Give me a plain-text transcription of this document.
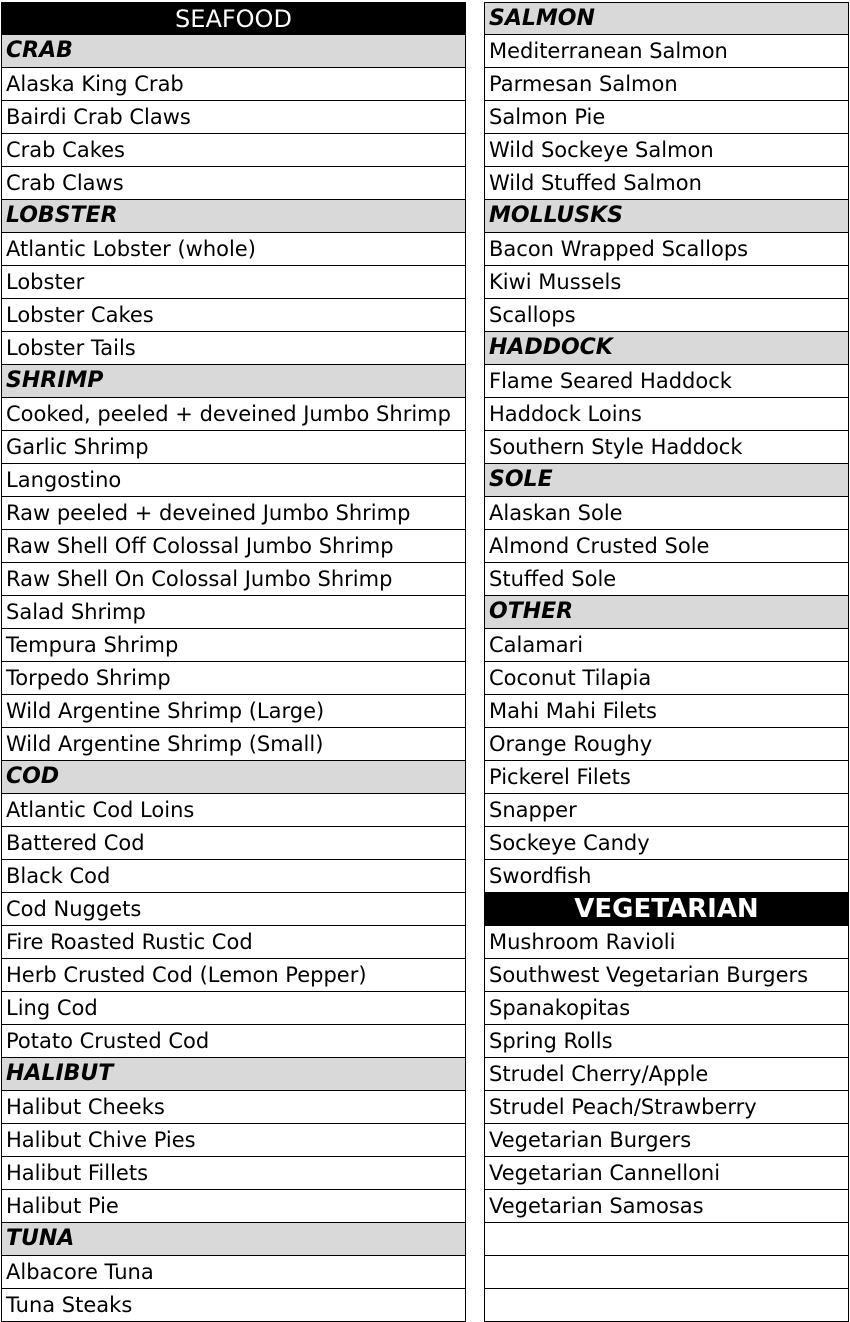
SEAFOOD
CRAB
Alaska King Crab
Bairdi Crab Claws
Crab Cakes
Crab Claws
LOBSTER
Atlantic Lobster (whole)
Lobster
Lobster Cakes
Lobster Tails
SHRIMP
Cooked, peeled + deveined Jumbo Shrimp
Garlic Shrimp
Langostino
Raw peeled + deveined Jumbo Shrimp
Raw Shell Off Colossal Jumbo Shrimp
Raw Shell On Colossal Jumbo Shrimp
Salad Shrimp
Tempura Shrimp
Torpedo Shrimp
Wild Argentine Shrimp (Large)
Wild Argentine Shrimp (Small)
COD
Atlantic Cod Loins
Battered Cod
Black Cod
Cod Nuggets
Fire Roasted Rustic Cod
Herb Crusted Cod (Lemon Pepper)
Ling Cod
Potato Crusted Cod
HALIBUT
Halibut Cheeks
Halibut Chive Pies
Halibut Fillets
Halibut Pie
TUNA
Albacore Tuna
Tuna Steaks
SALMON
Mediterranean Salmon
Parmesan Salmon
Salmon Pie
Wild Sockeye Salmon
Wild Stuffed Salmon
MOLLUSKS
Bacon Wrapped Scallops
Kiwi Mussels
Scallops
HADDOCK
Flame Seared Haddock
Haddock Loins
Southern Style Haddock
SOLE
Alaskan Sole
Almond Crusted Sole
Stuffed Sole
OTHER
Calamari
Coconut Tilapia
Mahi Mahi Filets
Orange Roughy
Pickerel Filets
Snapper
Sockeye Candy
Swordfish
VEGETARIAN
Mushroom Ravioli
Southwest Vegetarian Burgers
Spanakopitas
Spring Rolls
Strudel Cherry/Apple
Strudel Peach/Strawberry
Vegetarian Burgers
Vegetarian Cannelloni
Vegetarian Samosas
